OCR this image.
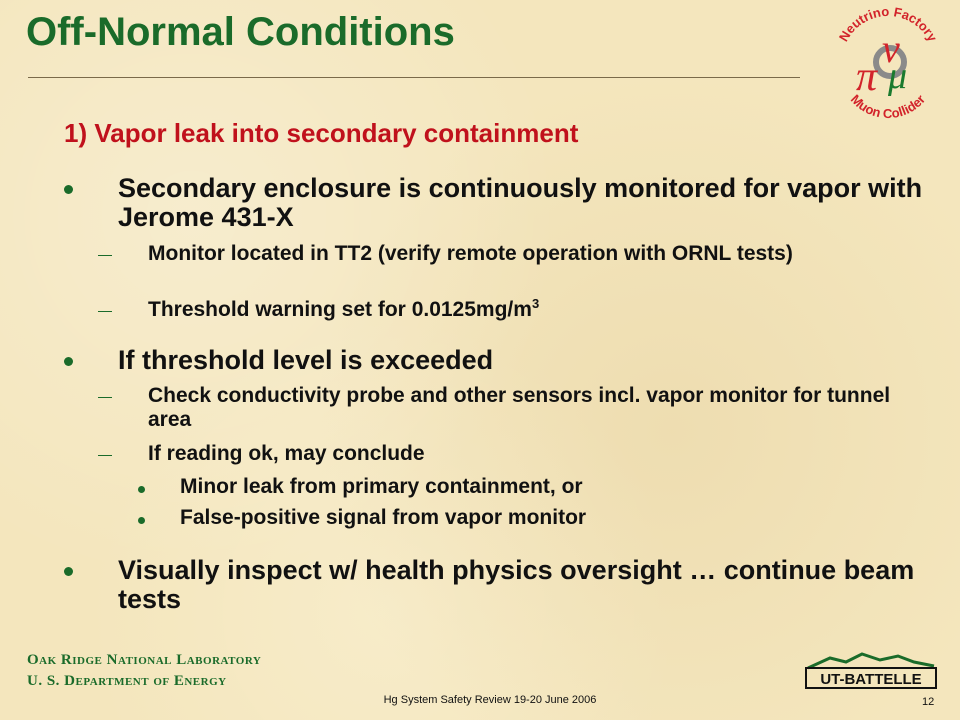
Off-Normal Conditions	Neutrino Factory
Muon Collider
π
ν
μ
1) Vapor leak into secondary containment
Secondary enclosure is continuously monitored for vapor with Jerome 431-X
Monitor located in TT2 (verify remote operation with ORNL tests)
Threshold warning set for $0.0125mg/m^3$
If threshold level is exceeded
Check conductivity probe and other sensors incl. vapor monitor for tunnel area
If reading ok, may conclude
Minor leak from primary containment, or
False-positive signal from vapor monitor
Visually inspect w/ health physics oversight … continue beam tests
Oak Ridge National Laboratory
U. S. Department of Energy
Hg System Safety Review 19-20 June 2006	12
UT-BATTELLE
